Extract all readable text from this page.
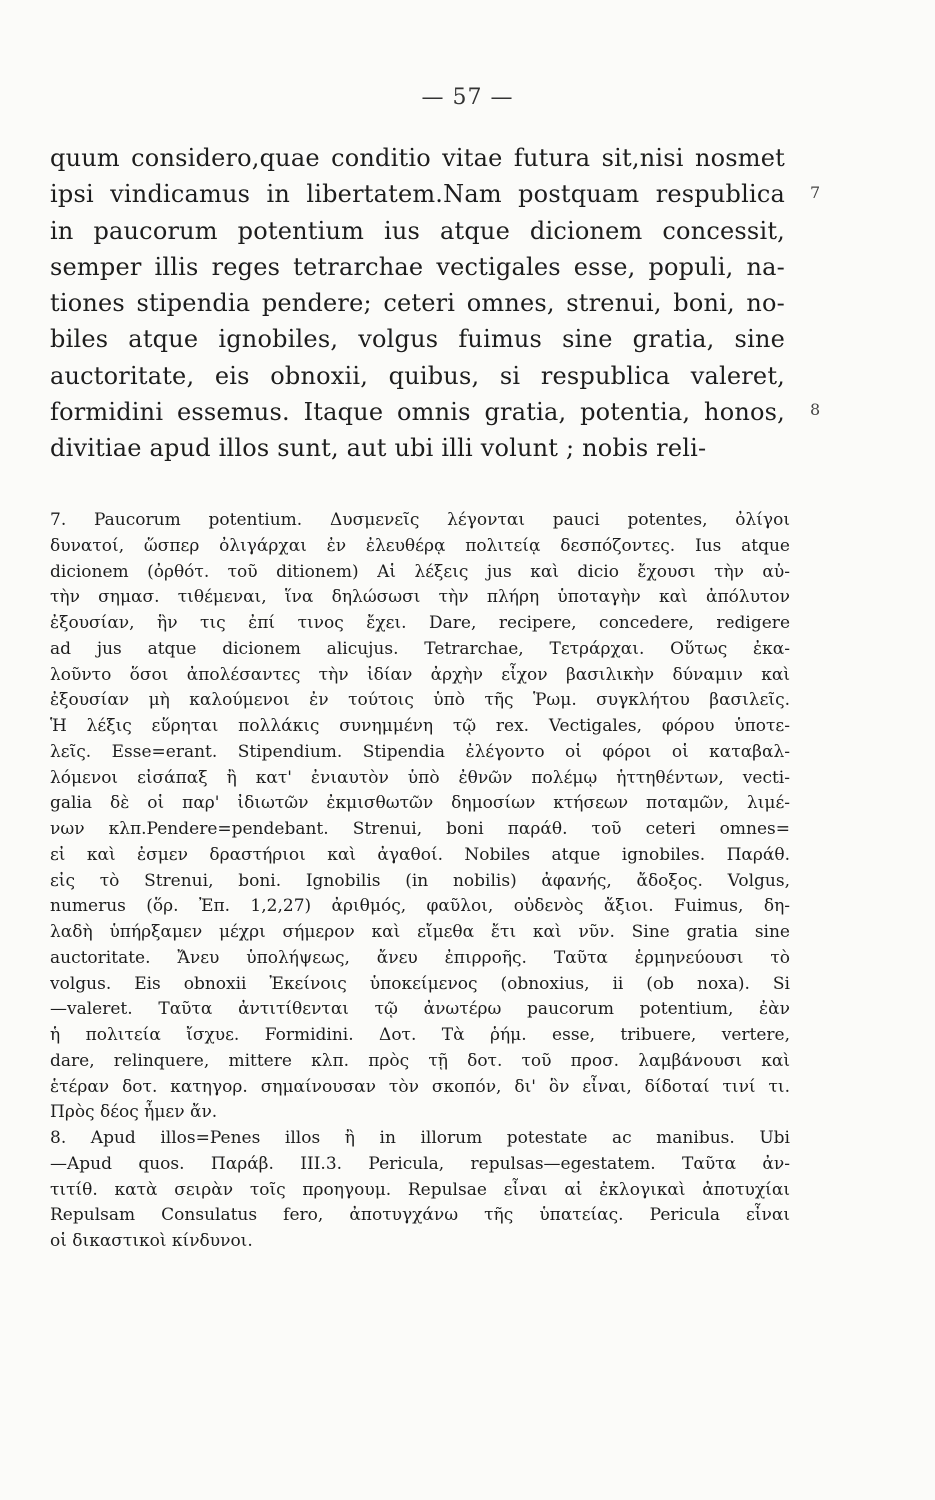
— 57 —
quum considero,quae conditio vitae futura sit,nisi nosmet
ipsi vindicamus in libertatem.Nam postquam respublica
in paucorum potentium ius atque dicionem concessit,
semper illis reges tetrarchae vectigales esse, populi, na-
tiones stipendia pendere; ceteri omnes, strenui, boni, no-
biles atque ignobiles, volgus fuimus sine gratia, sine
auctoritate, eis obnoxii, quibus, si respublica valeret,
formidini essemus. Itaque omnis gratia, potentia, honos,
divitiae apud illos sunt, aut ubi illi volunt ; nobis reli-
7
8
7. Paucorum potentium. Δυσμενεῖς λέγονται pauci potentes, ὀλίγοι
δυνατοί, ὥσπερ ὀλιγάρχαι ἐν ἐλευθέρᾳ πολιτείᾳ δεσπόζοντες. Ius atque
dicionem (ὀρθότ. τοῦ ditionem) Αἱ λέξεις jus καὶ dicio ἔχουσι τὴν αὐ-
τὴν σημασ. τιθέμεναι, ἵνα δηλώσωσι τὴν πλήρη ὑποταγὴν καὶ ἀπόλυτον
ἐξουσίαν, ἣν τις ἐπί τινος ἔχει. Dare, recipere, concedere, redigere
ad jus atque dicionem alicujus. Tetrarchae, Τετράρχαι. Οὕτως ἐκα-
λοῦντο ὅσοι ἀπολέσαντες τὴν ἰδίαν ἀρχὴν εἶχον βασιλικὴν δύναμιν καὶ
ἐξουσίαν μὴ καλούμενοι ἐν τούτοις ὑπὸ τῆς Ῥωμ. συγκλήτου βασιλεῖς.
Ἡ λέξις εὕρηται πολλάκις συνημμένη τῷ rex. Vectigales, φόρου ὑποτε-
λεῖς. Esse=erant. Stipendium. Stipendia ἐλέγοντο οἱ φόροι οἱ καταβαλ-
λόμενοι εἰσάπαξ ἢ κατ' ἐνιαυτὸν ὑπὸ ἐθνῶν πολέμῳ ἡττηθέντων, vecti-
galia δὲ οἱ παρ' ἰδιωτῶν ἐκμισθωτῶν δημοσίων κτήσεων ποταμῶν, λιμέ-
νων κλπ.Pendere=pendebant. Strenui, boni παράθ. τοῦ ceteri omnes=
εἰ καὶ ἐσμεν δραστήριοι καὶ ἀγαθοί. Nobiles atque ignobiles. Παράθ.
εἰς τὸ Strenui, boni. Ignobilis (in nobilis) ἀφανής, ἄδοξος. Volgus,
numerus (ὅρ. Ἐπ. 1,2,27) ἀριθμός, φαῦλοι, οὐδενὸς ἄξιοι. Fuimus, δη-
λαδὴ ὑπήρξαμεν μέχρι σήμερον καὶ εἴμεθα ἔτι καὶ νῦν. Sine gratia sine
auctoritate. Ἄνευ ὑπολήψεως, ἄνευ ἐπιρροῆς. Ταῦτα ἑρμηνεύουσι τὸ
volgus. Eis obnoxii Ἐκείνοις ὑποκείμενος (obnoxius, ii (ob noxa). Si
—valeret. Ταῦτα ἀντιτίθενται τῷ ἀνωτέρω paucorum potentium, ἐὰν
ἡ πολιτεία ἴσχυε. Formidini. Δοτ. Τὰ ῥήμ. esse, tribuere, vertere,
dare, relinquere, mittere κλπ. πρὸς τῇ δοτ. τοῦ προσ. λαμβάνουσι καὶ
ἑτέραν δοτ. κατηγορ. σημαίνουσαν τὸν σκοπόν, δι' ὃν εἶναι, δίδοταί τινί τι.
Πρὸς δέος ἦμεν ἄν.
8. Apud illos=Penes illos ἢ in illorum potestate ac manibus. Ubi
—Apud quos. Παράβ. III.3. Pericula, repulsas—egestatem. Ταῦτα ἀν-
τιτίθ. κατὰ σειρὰν τοῖς προηγουμ. Repulsae εἶναι αἱ ἐκλογικαὶ ἀποτυχίαι
Repulsam Consulatus fero, ἀποτυγχάνω τῆς ὑπατείας. Pericula εἶναι
οἱ δικαστικοὶ κίνδυνοι.
